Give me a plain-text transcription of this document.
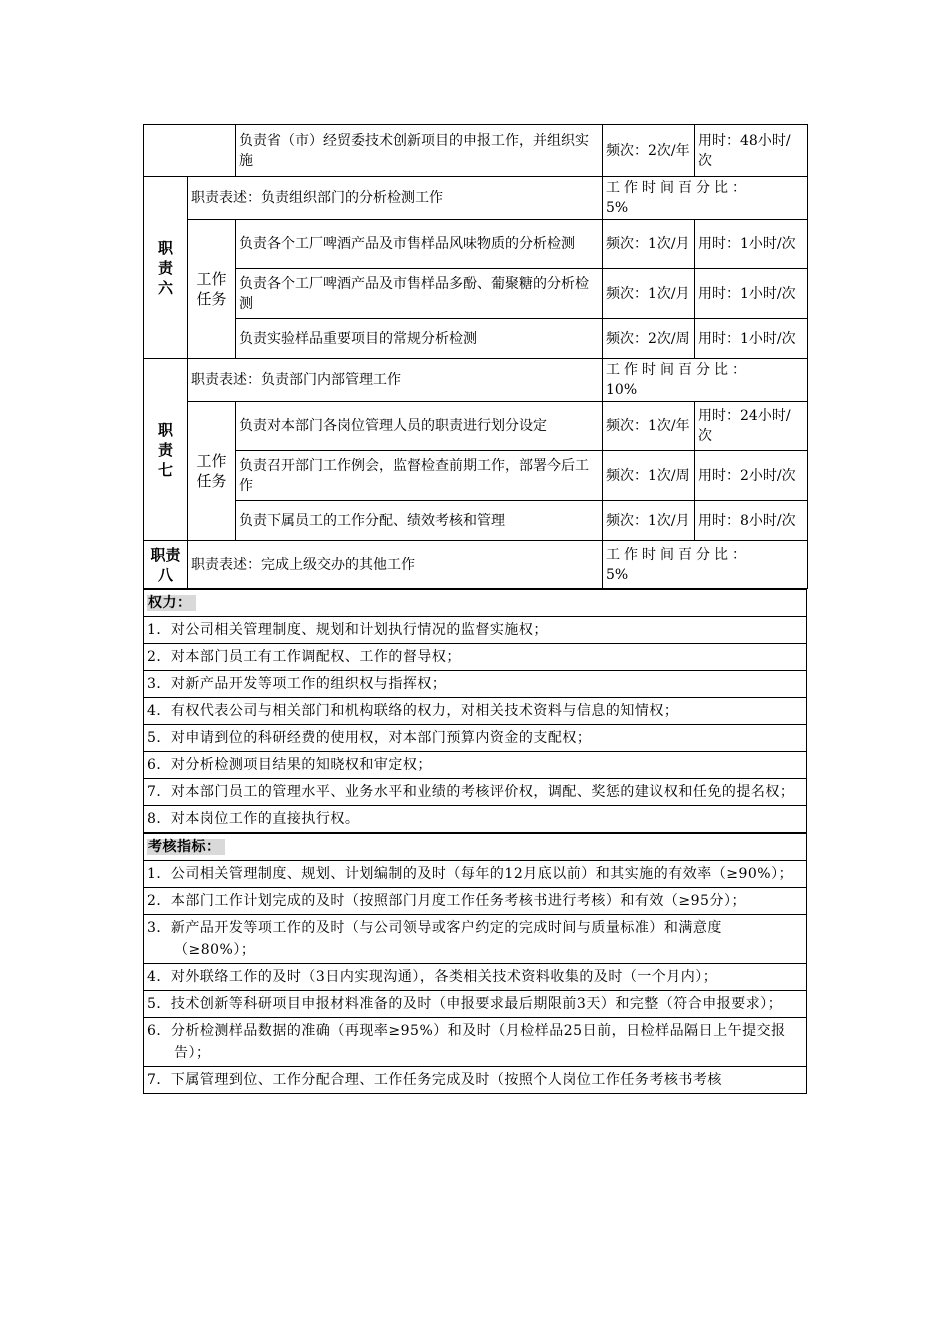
		负责省（市）经贸委技术创新项目的申报工作，并组织实施	频次：2次/年	用时：48小时/次
职责六	职责表述：负责组织部门的分析检测工作		工作时间百分比：
5%	

	工作任务	负责各个工厂啤酒产品及市售样品风味物质的分析检测	频次：1次/月	用时：1小时/次
		负责各个工厂啤酒产品及市售样品多酚、葡聚糖的分析检测	频次：1次/月	用时：1小时/次
		负责实验样品重要项目的常规分析检测	频次：2次/周	用时：1小时/次
职责七	职责表述：负责部门内部管理工作		工作时间百分比：
10%	

	工作任务	负责对本部门各岗位管理人员的职责进行划分设定	频次：1次/年	用时：24小时/次
		负责召开部门工作例会，监督检查前期工作，部署今后工作	频次：1次/周	用时：2小时/次
		负责下属员工的工作分配、绩效考核和管理	频次：1次/月	用时：8小时/次
职责八	职责表述：完成上级交办的其他工作		工作时间百分比：
5%	
权力：
1．对公司相关管理制度、规划和计划执行情况的监督实施权；
2．对本部门员工有工作调配权、工作的督导权；
3．对新产品开发等项工作的组织权与指挥权；
4．有权代表公司与相关部门和机构联络的权力，对相关技术资料与信息的知情权；
5．对申请到位的科研经费的使用权，对本部门预算内资金的支配权；
6．对分析检测项目结果的知晓权和审定权；
7．对本部门员工的管理水平、业务水平和业绩的考核评价权，调配、奖惩的建议权和任免的提名权；
8．对本岗位工作的直接执行权。
考核指标：
1．公司相关管理制度、规划、计划编制的及时（每年的12月底以前）和其实施的有效率（≥90%）；
2．本部门工作计划完成的及时（按照部门月度工作任务考核书进行考核）和有效（≥95分）；
3．新产品开发等项工作的及时（与公司领导或客户约定的完成时间与质量标准）和满意度（≥80%）；
4．对外联络工作的及时（3日内实现沟通），各类相关技术资料收集的及时（一个月内）；
5．技术创新等科研项目申报材料准备的及时（申报要求最后期限前3天）和完整（符合申报要求）；
6．分析检测样品数据的准确（再现率≥95%）和及时（月检样品25日前，日检样品隔日上午提交报告）；
7．下属管理到位、工作分配合理、工作任务完成及时（按照个人岗位工作任务考核书考核
